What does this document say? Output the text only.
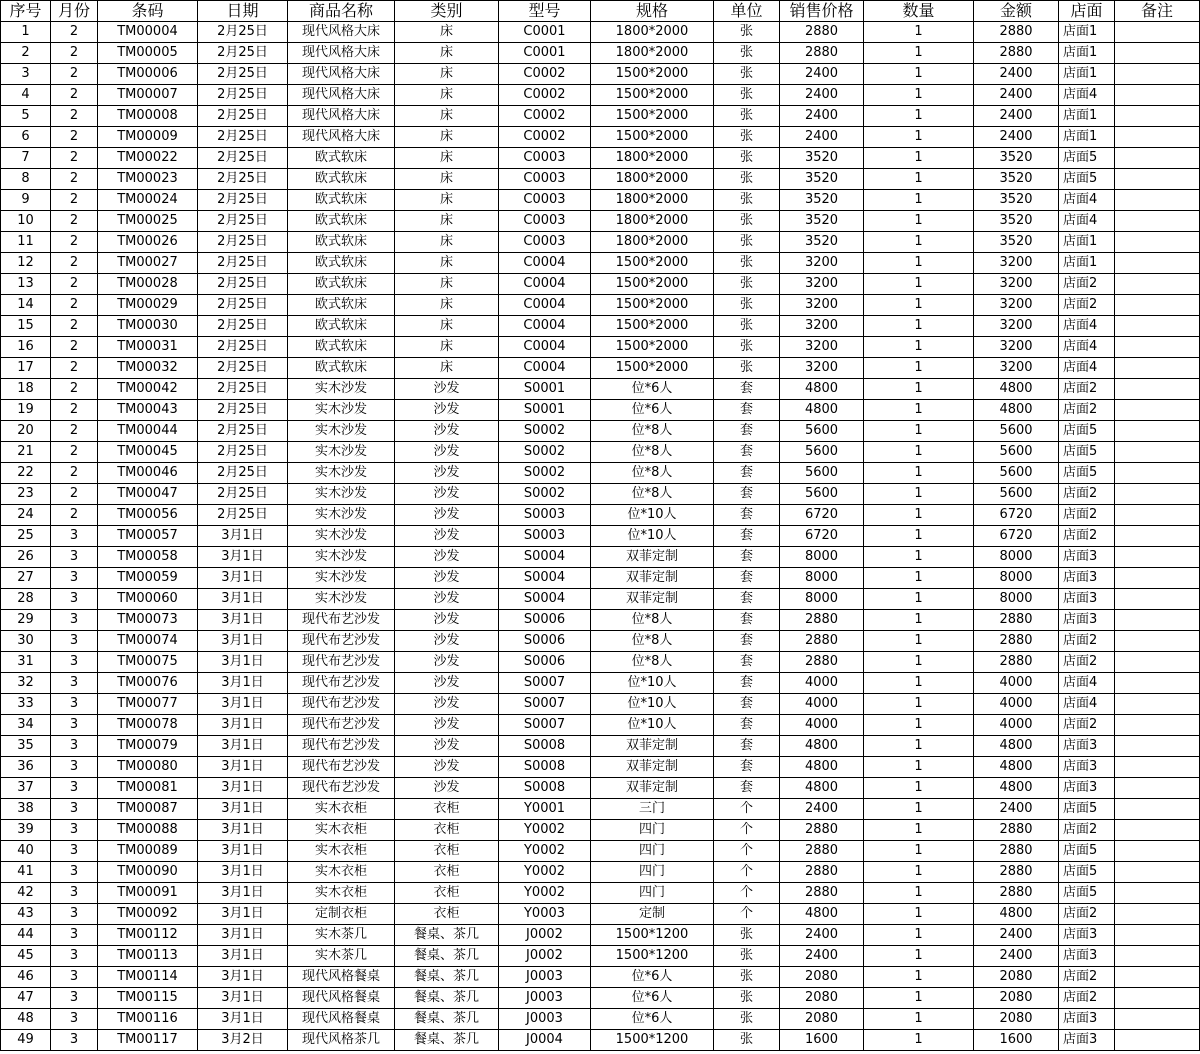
序号	月份	条码	日期	商品名称	类别	型号	规格	单位	销售价格	数量	金额	店面	备注
1	2	TM00004	2月25日	现代风格大床	床	C0001	1800*2000	张	2880	1	2880	店面1	
2	2	TM00005	2月25日	现代风格大床	床	C0001	1800*2000	张	2880	1	2880	店面1	
3	2	TM00006	2月25日	现代风格大床	床	C0002	1500*2000	张	2400	1	2400	店面1	
4	2	TM00007	2月25日	现代风格大床	床	C0002	1500*2000	张	2400	1	2400	店面4	
5	2	TM00008	2月25日	现代风格大床	床	C0002	1500*2000	张	2400	1	2400	店面1	
6	2	TM00009	2月25日	现代风格大床	床	C0002	1500*2000	张	2400	1	2400	店面1	
7	2	TM00022	2月25日	欧式软床	床	C0003	1800*2000	张	3520	1	3520	店面5	
8	2	TM00023	2月25日	欧式软床	床	C0003	1800*2000	张	3520	1	3520	店面5	
9	2	TM00024	2月25日	欧式软床	床	C0003	1800*2000	张	3520	1	3520	店面4	
10	2	TM00025	2月25日	欧式软床	床	C0003	1800*2000	张	3520	1	3520	店面4	
11	2	TM00026	2月25日	欧式软床	床	C0003	1800*2000	张	3520	1	3520	店面1	
12	2	TM00027	2月25日	欧式软床	床	C0004	1500*2000	张	3200	1	3200	店面1	
13	2	TM00028	2月25日	欧式软床	床	C0004	1500*2000	张	3200	1	3200	店面2	
14	2	TM00029	2月25日	欧式软床	床	C0004	1500*2000	张	3200	1	3200	店面2	
15	2	TM00030	2月25日	欧式软床	床	C0004	1500*2000	张	3200	1	3200	店面4	
16	2	TM00031	2月25日	欧式软床	床	C0004	1500*2000	张	3200	1	3200	店面4	
17	2	TM00032	2月25日	欧式软床	床	C0004	1500*2000	张	3200	1	3200	店面4	
18	2	TM00042	2月25日	实木沙发	沙发	S0001	位*6人	套	4800	1	4800	店面2	
19	2	TM00043	2月25日	实木沙发	沙发	S0001	位*6人	套	4800	1	4800	店面2	
20	2	TM00044	2月25日	实木沙发	沙发	S0002	位*8人	套	5600	1	5600	店面5	
21	2	TM00045	2月25日	实木沙发	沙发	S0002	位*8人	套	5600	1	5600	店面5	
22	2	TM00046	2月25日	实木沙发	沙发	S0002	位*8人	套	5600	1	5600	店面5	
23	2	TM00047	2月25日	实木沙发	沙发	S0002	位*8人	套	5600	1	5600	店面2	
24	2	TM00056	2月25日	实木沙发	沙发	S0003	位*10人	套	6720	1	6720	店面2	
25	3	TM00057	3月1日	实木沙发	沙发	S0003	位*10人	套	6720	1	6720	店面2	
26	3	TM00058	3月1日	实木沙发	沙发	S0004	双菲定制	套	8000	1	8000	店面3	
27	3	TM00059	3月1日	实木沙发	沙发	S0004	双菲定制	套	8000	1	8000	店面3	
28	3	TM00060	3月1日	实木沙发	沙发	S0004	双菲定制	套	8000	1	8000	店面3	
29	3	TM00073	3月1日	现代布艺沙发	沙发	S0006	位*8人	套	2880	1	2880	店面3	
30	3	TM00074	3月1日	现代布艺沙发	沙发	S0006	位*8人	套	2880	1	2880	店面2	
31	3	TM00075	3月1日	现代布艺沙发	沙发	S0006	位*8人	套	2880	1	2880	店面2	
32	3	TM00076	3月1日	现代布艺沙发	沙发	S0007	位*10人	套	4000	1	4000	店面4	
33	3	TM00077	3月1日	现代布艺沙发	沙发	S0007	位*10人	套	4000	1	4000	店面4	
34	3	TM00078	3月1日	现代布艺沙发	沙发	S0007	位*10人	套	4000	1	4000	店面2	
35	3	TM00079	3月1日	现代布艺沙发	沙发	S0008	双菲定制	套	4800	1	4800	店面3	
36	3	TM00080	3月1日	现代布艺沙发	沙发	S0008	双菲定制	套	4800	1	4800	店面3	
37	3	TM00081	3月1日	现代布艺沙发	沙发	S0008	双菲定制	套	4800	1	4800	店面3	
38	3	TM00087	3月1日	实木衣柜	衣柜	Y0001	三门	个	2400	1	2400	店面5	
39	3	TM00088	3月1日	实木衣柜	衣柜	Y0002	四门	个	2880	1	2880	店面2	
40	3	TM00089	3月1日	实木衣柜	衣柜	Y0002	四门	个	2880	1	2880	店面5	
41	3	TM00090	3月1日	实木衣柜	衣柜	Y0002	四门	个	2880	1	2880	店面5	
42	3	TM00091	3月1日	实木衣柜	衣柜	Y0002	四门	个	2880	1	2880	店面5	
43	3	TM00092	3月1日	定制衣柜	衣柜	Y0003	定制	个	4800	1	4800	店面2	
44	3	TM00112	3月1日	实木茶几	餐桌、茶几	J0002	1500*1200	张	2400	1	2400	店面3	
45	3	TM00113	3月1日	实木茶几	餐桌、茶几	J0002	1500*1200	张	2400	1	2400	店面3	
46	3	TM00114	3月1日	现代风格餐桌	餐桌、茶几	J0003	位*6人	张	2080	1	2080	店面2	
47	3	TM00115	3月1日	现代风格餐桌	餐桌、茶几	J0003	位*6人	张	2080	1	2080	店面2	
48	3	TM00116	3月1日	现代风格餐桌	餐桌、茶几	J0003	位*6人	张	2080	1	2080	店面3	
49	3	TM00117	3月2日	现代风格茶几	餐桌、茶几	J0004	1500*1200	张	1600	1	1600	店面3	
